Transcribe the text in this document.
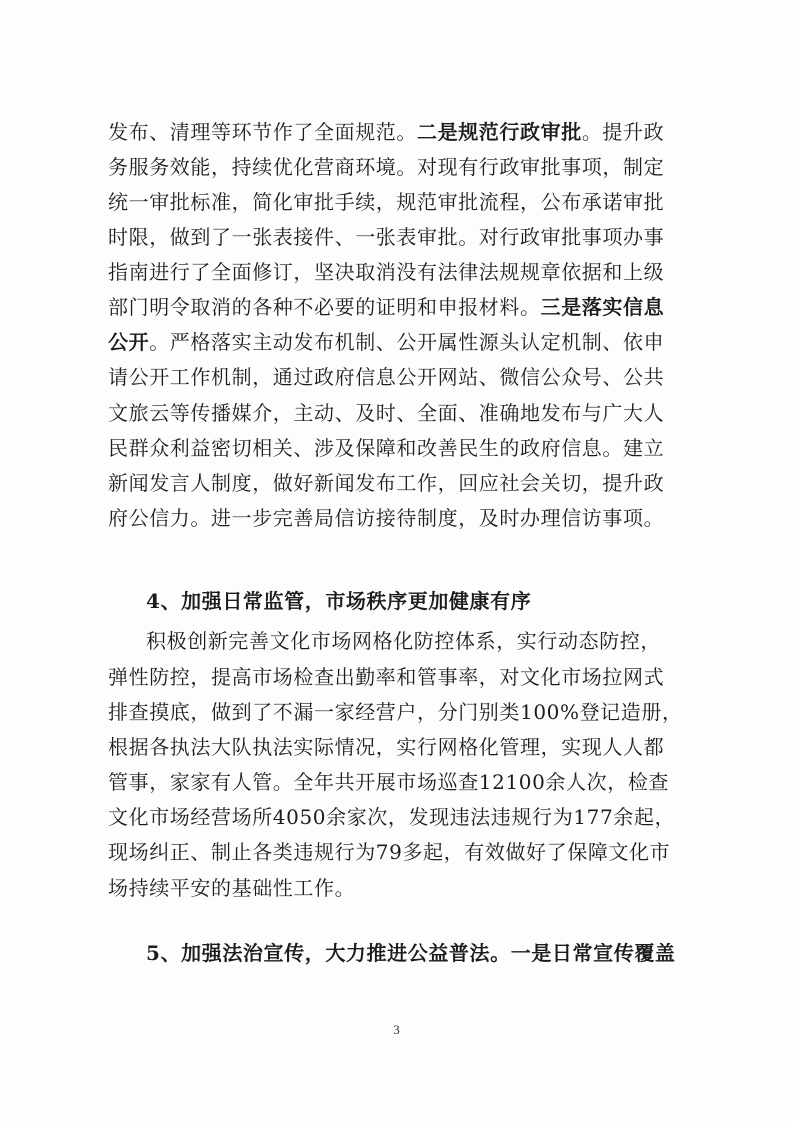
发布、清理等环节作了全面规范。二是规范行政审批。提升政
务服务效能，持续优化营商环境。对现有行政审批事项，制定
统一审批标准，简化审批手续，规范审批流程，公布承诺审批
时限，做到了一张表接件、一张表审批。对行政审批事项办事
指南进行了全面修订，坚决取消没有法律法规规章依据和上级
部门明令取消的各种不必要的证明和申报材料。三是落实信息
公开。严格落实主动发布机制、公开属性源头认定机制、依申
请公开工作机制，通过政府信息公开网站、微信公众号、公共
文旅云等传播媒介，主动、及时、全面、准确地发布与广大人
民群众利益密切相关、涉及保障和改善民生的政府信息。建立
新闻发言人制度，做好新闻发布工作，回应社会关切，提升政
府公信力。进一步完善局信访接待制度，及时办理信访事项。
4、加强日常监管，市场秩序更加健康有序
积极创新完善文化市场网格化防控体系，实行动态防控，
弹性防控，提高市场检查出勤率和管事率，对文化市场拉网式
排查摸底，做到了不漏一家经营户，分门别类100%登记造册，
根据各执法大队执法实际情况，实行网格化管理，实现人人都
管事，家家有人管。全年共开展市场巡查12100余人次，检查
文化市场经营场所4050余家次，发现违法违规行为177余起，
现场纠正、制止各类违规行为79多起，有效做好了保障文化市
场持续平安的基础性工作。
5、加强法治宣传，大力推进公益普法。一是日常宣传覆盖
3
